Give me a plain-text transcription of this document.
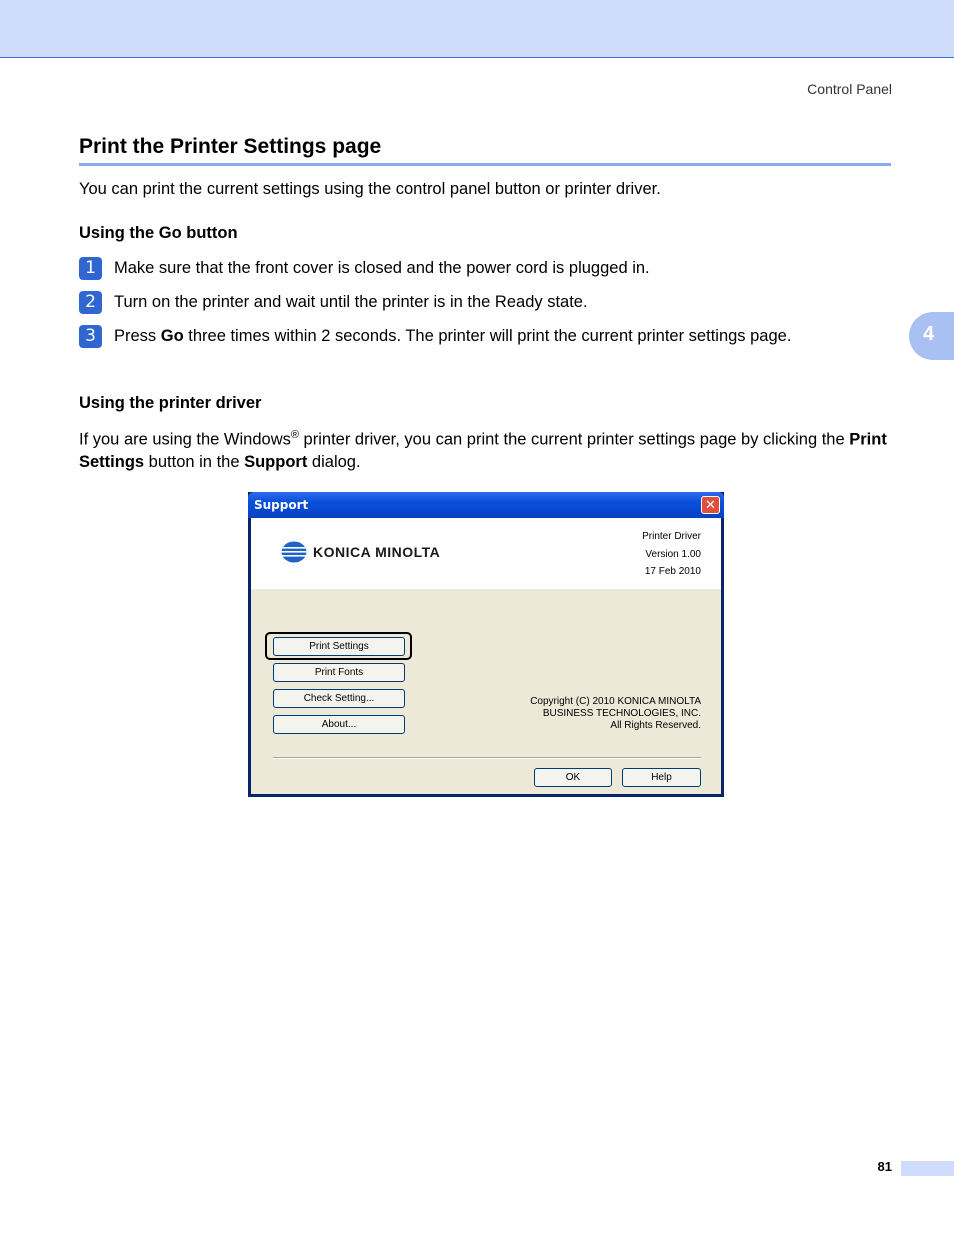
Control Panel
4
Print the Printer Settings page
You can print the current settings using the control panel button or printer driver.
Using the Go button
1	Make sure that the front cover is closed and the power cord is plugged in.
2	Turn on the printer and wait until the printer is in the Ready state.
3	Press Go three times within 2 seconds. The printer will print the current printer settings page.
Using the printer driver
If you are using the Windows® printer driver, you can print the current printer settings page by clicking the Print Settings button in the Support dialog.
Support	✕
KONICA MINOLTA
Printer Driver
Version 1.00
17 Feb 2010
Print Settings
Print Fonts
Check Setting...
About...
Copyright (C) 2010 KONICA MINOLTA
BUSINESS TECHNOLOGIES, INC.
All Rights Reserved.
OK	Help
81
